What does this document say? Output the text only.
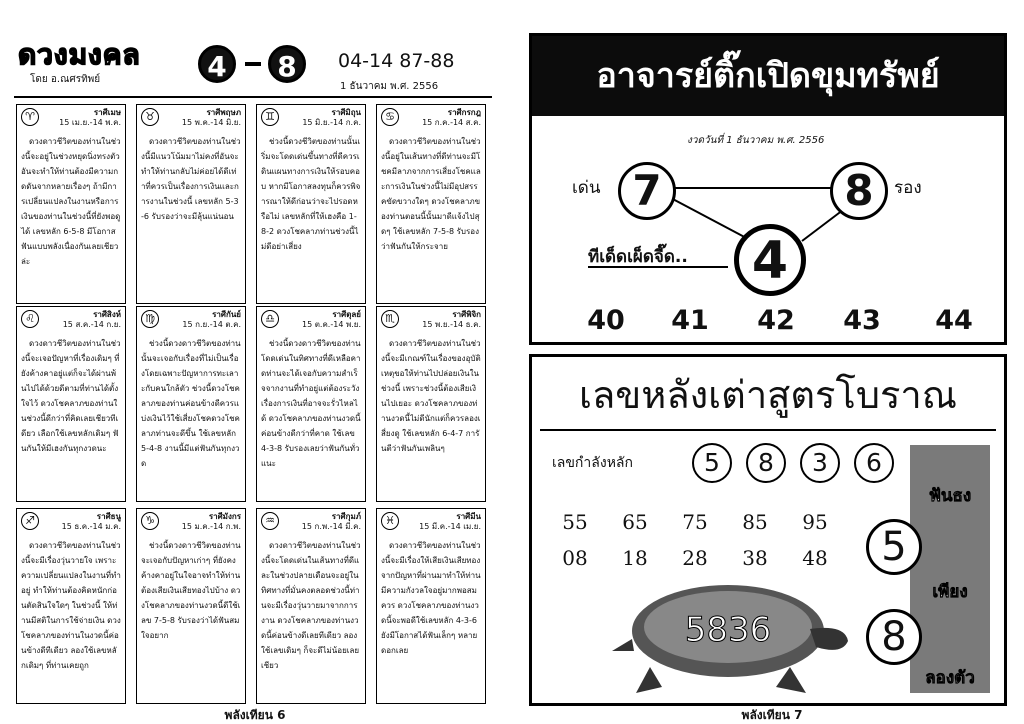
ดวงมงคล
โดย อ.ณศรทิพย์	4	8	04-14 87-88
1 ธันวาคม พ.ศ. 2556
♈	ราศีเมษ
15 เม.ย.-14 พ.ค.
ดวงดาวชีวิตของท่านในช่วงนี้จะอยู่ในช่วงหยุดนิ่งทรงตัวอันจะทำให้ท่านต้องมีความกดดันจากหลายเรื่องๆ ถ้ามีการเปลี่ยนแปลงในงานหรือการเงินของท่านในช่วงนี้ที่ยังพอดูได้ เลขหลัก 6-5-8 มีโอกาสฟันแบบพลังเนื่องกันเลยเชียวล่ะ
♉	ราศีพฤษภ
15 พ.ค.-14 มิ.ย.
ดวงดาวชีวิตของท่านในช่วงนี้มีแนวโน้มมาไม่คงที่อันจะทำให้ท่านกลับไม่ค่อยได้ดีเท่าที่ควรเป็นเรื่องการเงินและการงานในช่วงนี้ เลขหลัก 5-3-6 รับรองว่าจะมีลุ้นแน่นอน
♊	ราศีมิถุน
15 มิ.ย.-14 ก.ค.
ช่วงนี้ดวงชีวิตของท่านนั้นเริ่มจะโดดเด่นขึ้นทางที่ดีควรเดินแผนทางการเงินให้รอบคอบ หากมีโอกาสลงทุนก็ควรพิจารณาให้ดีก่อนว่าจะไปรอดหรือไม่ เลขหลักที่ให้เฮงคือ 1-8-2 ดวงโชคลาภท่านช่วงนี้ไม่ดีอย่าเสี่ยง
♋	ราศีกรกฎ
15 ก.ค.-14 ส.ค.
ดวงดาวชีวิตของท่านในช่วงนี้อยู่ในเส้นทางที่ดีท่านจะมีโชคมีลาภจากการเสี่ยงโชคและการเงินในช่วงนี้ไม่มีอุปสรรคขัดขวางใดๆ ดวงโชคลาภของท่านตอนนี้นั้นมาดีแจ้งไปสุดๆ ใช้เลขหลัก 7-5-8 รับรองว่าฟันกันให้กระจาย
♌	ราศีสิงห์
15 ส.ค.-14 ก.ย.
ดวงดาวชีวิตของท่านในช่วงนี้จะเจอปัญหาที่เรื่องเดิมๆ ที่ยังค้างคาอยู่แต่ก็จะได้ผ่านพ้นไปได้ด้วยดีตามที่ท่านได้ตั้งใจไว้ ดวงโชคลาภของท่านในช่วงนี้ดีกว่าที่คิดเลยเชียวทีเดียว เลือกใช้เลขหลักเดิมๆ ฟันกันให้มีเฮงกันทุกงวดนะ
♍	ราศีกันย์
15 ก.ย.-14 ต.ค.
ช่วงนี้ดวงดาวชีวิตของท่านนั้นจะเจอกับเรื่องที่ไม่เป็นเรื่องโดยเฉพาะปัญหาการทะเลาะกับคนใกล้ตัว ช่วงนี้ดวงโชคลาภของท่านค่อนข้างดีควรแบ่งเงินไว้ใช้เสี่ยงโชคดวงโชคลาภท่านจะดีขึ้น ใช้เลขหลัก 5-4-8 งานนี้มีแต่ฟันกันทุกงวด
♎	ราศีตุลย์
15 ต.ค.-14 พ.ย.
ช่วงนี้ดวงดาวชีวิตของท่านโดดเด่นในทิศทางที่ดีเหลือคาดท่านจะได้เจอกับความสำเร็จจากงานที่ทำอยู่แต่ต้องระวังเรื่องการเงินที่อาจจะรั่วไหลได้ ดวงโชคลาภของท่านงวดนี้ค่อนข้างดีกว่าที่คาด ใช้เลข 4-3-8 รับรองเลยว่าฟันกันทั่วแนะ
♏	ราศีพิจิก
15 พ.ย.-14 ธ.ค.
ดวงดาวชีวิตของท่านในช่วงนี้จะมีเกณฑ์ในเรื่องของอุบัติเหตุขอให้ท่านไปปล่อยเงินในช่วงนี้ เพราะช่วงนี้ต้องเสียเงินไปเยอะ ดวงโชคลาภของท่านงวดนี้ไม่ดีนักแต่ก็ควรลองเสี่ยงดู ใช้เลขหลัก 6-4-7 การันตีว่าฟันกันเพลินๆ
♐	ราศีธนู
15 ธ.ค.-14 ม.ค.
ดวงดาวชีวิตของท่านในช่วงนี้จะมีเรื่องวุ่นวายใจ เพราะความเปลี่ยนแปลงในงานที่ทำอยู่ ทำให้ท่านต้องคิดหนักก่อนตัดสินใจใดๆ ในช่วงนี้ ให้ท่านมีสติในการใช้จ่ายเงิน ดวงโชคลาภของท่านในงวดนี้ค่อนข้างดีทีเดียว ลองใช้เลขหลักเดิมๆ ที่ท่านเคยถูก
♑	ราศีมังกร
15 ม.ค.-14 ก.พ.
ช่วงนี้ดวงดาวชีวิตของท่านจะเจอกับปัญหาเก่าๆ ที่ยังคงค้างคาอยู่ในใจอาจทำให้ท่านต้องเสียเงินเสียทองไปบ้าง ดวงโชคลาภของท่านงวดนี้ดีใช้เลข 7-5-8 รับรองว่าได้ฟันสมใจอยาก
♒	ราศีกุมภ์
15 ก.พ.-14 มี.ค.
ดวงดาวชีวิตของท่านในช่วงนี้จะโดดเด่นในเส้นทางที่ดีและในช่วงปลายเดือนจะอยู่ในทิศทางที่มั่นคงตลอดช่วงนี้ท่านจะมีเรื่องวุ่นวายมาจากการงาน ดวงโชคลาภของท่านงวดนี้ค่อนข้างดีเลยทีเดียว ลองใช้เลขเดิมๆ ก็จะดีไม่น้อยเลยเชียว
♓	ราศีมีน
15 มี.ค.-14 เม.ย.
ดวงดาวชีวิตของท่านในช่วงนี้จะมีเรื่องให้เสียเงินเสียทองจากปัญหาที่ผ่านมาทำให้ท่านมีความกังวลใจอยู่มากพอสมควร ดวงโชคลาภของท่านงวดนี้จะพอดีใช้เลขหลัก 4-3-6 ยังมีโอกาสได้ฟันเล็กๆ หลายดอกเลย
พลังเทียน 6
อาจารย์ติ๊กเปิดขุมทรัพย์
งวดวันที่ 1 ธันวาคม พ.ศ. 2556
เด่น 7	8	รอง
ทีเด็ดเผ็ดจี๊ด..	4
40	41	42	43	44
เลขหลังเต่าสูตรโบราณ
เลขกำลังหลัก	5	8	3	6
55	65	75	85	95
08	18	28	38	48
5836
ฟันธง
เพียง
ลองตัว
5
8
พลังเทียน 7
